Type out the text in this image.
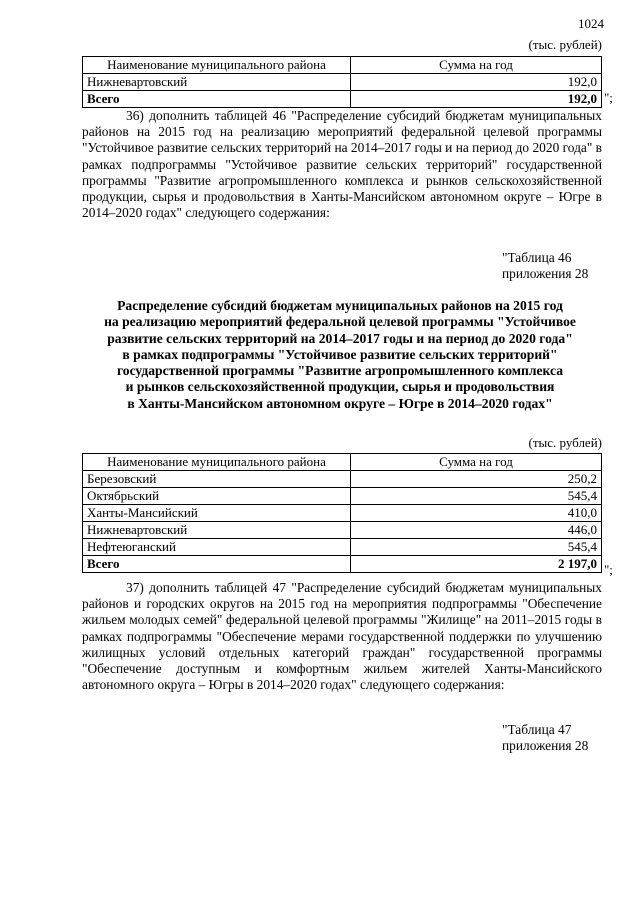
1024
(тыс. рублей)
Наименование муниципального района	Сумма на год
Нижневартовский	192,0
Всего	192,0 ";

36) дополнить таблицей 46 "Распределение субсидий бюджетам муниципальных районов на 2015 год на реализацию мероприятий федеральной целевой программы "Устойчивое развитие сельских территорий на 2014–2017 годы и на период до 2020 года" в рамках подпрограммы "Устойчивое развитие сельских территорий" государственной программы "Развитие агропромышленного комплекса и рынков сельскохозяйственной продукции, сырья и продовольствия в Ханты-Мансийском автономном округе – Югре в 2014–2020 годах" следующего содержания:

"Таблица 46
приложения 28
Распределение субсидий бюджетам муниципальных районов на 2015 год
на реализацию мероприятий федеральной целевой программы "Устойчивое
развитие сельских территорий на 2014–2017 годы и на период до 2020 года"
в рамках подпрограммы "Устойчивое развитие сельских территорий"
государственной программы "Развитие агропромышленного комплекса
и рынков сельскохозяйственной продукции, сырья и продовольствия
в Ханты-Мансийском автономном округе – Югре в 2014–2020 годах"
(тыс. рублей)
Наименование муниципального района	Сумма на год
Березовский	250,2
Октябрьский	545,4
Ханты-Мансийский	410,0
Нижневартовский	446,0
Нефтеюганский	545,4
Всего	2 197,0 ";

37) дополнить таблицей 47 "Распределение субсидий бюджетам муниципальных районов и городских округов на 2015 год на мероприятия подпрограммы "Обеспечение жильем молодых семей" федеральной целевой программы "Жилище" на 2011–2015 годы в рамках подпрограммы "Обеспечение мерами государственной поддержки по улучшению жилищных условий отдельных категорий граждан" государственной программы "Обеспечение доступным и комфортным жильем жителей Ханты-Мансийского автономного округа – Югры в 2014–2020 годах" следующего содержания:

"Таблица 47
приложения 28
